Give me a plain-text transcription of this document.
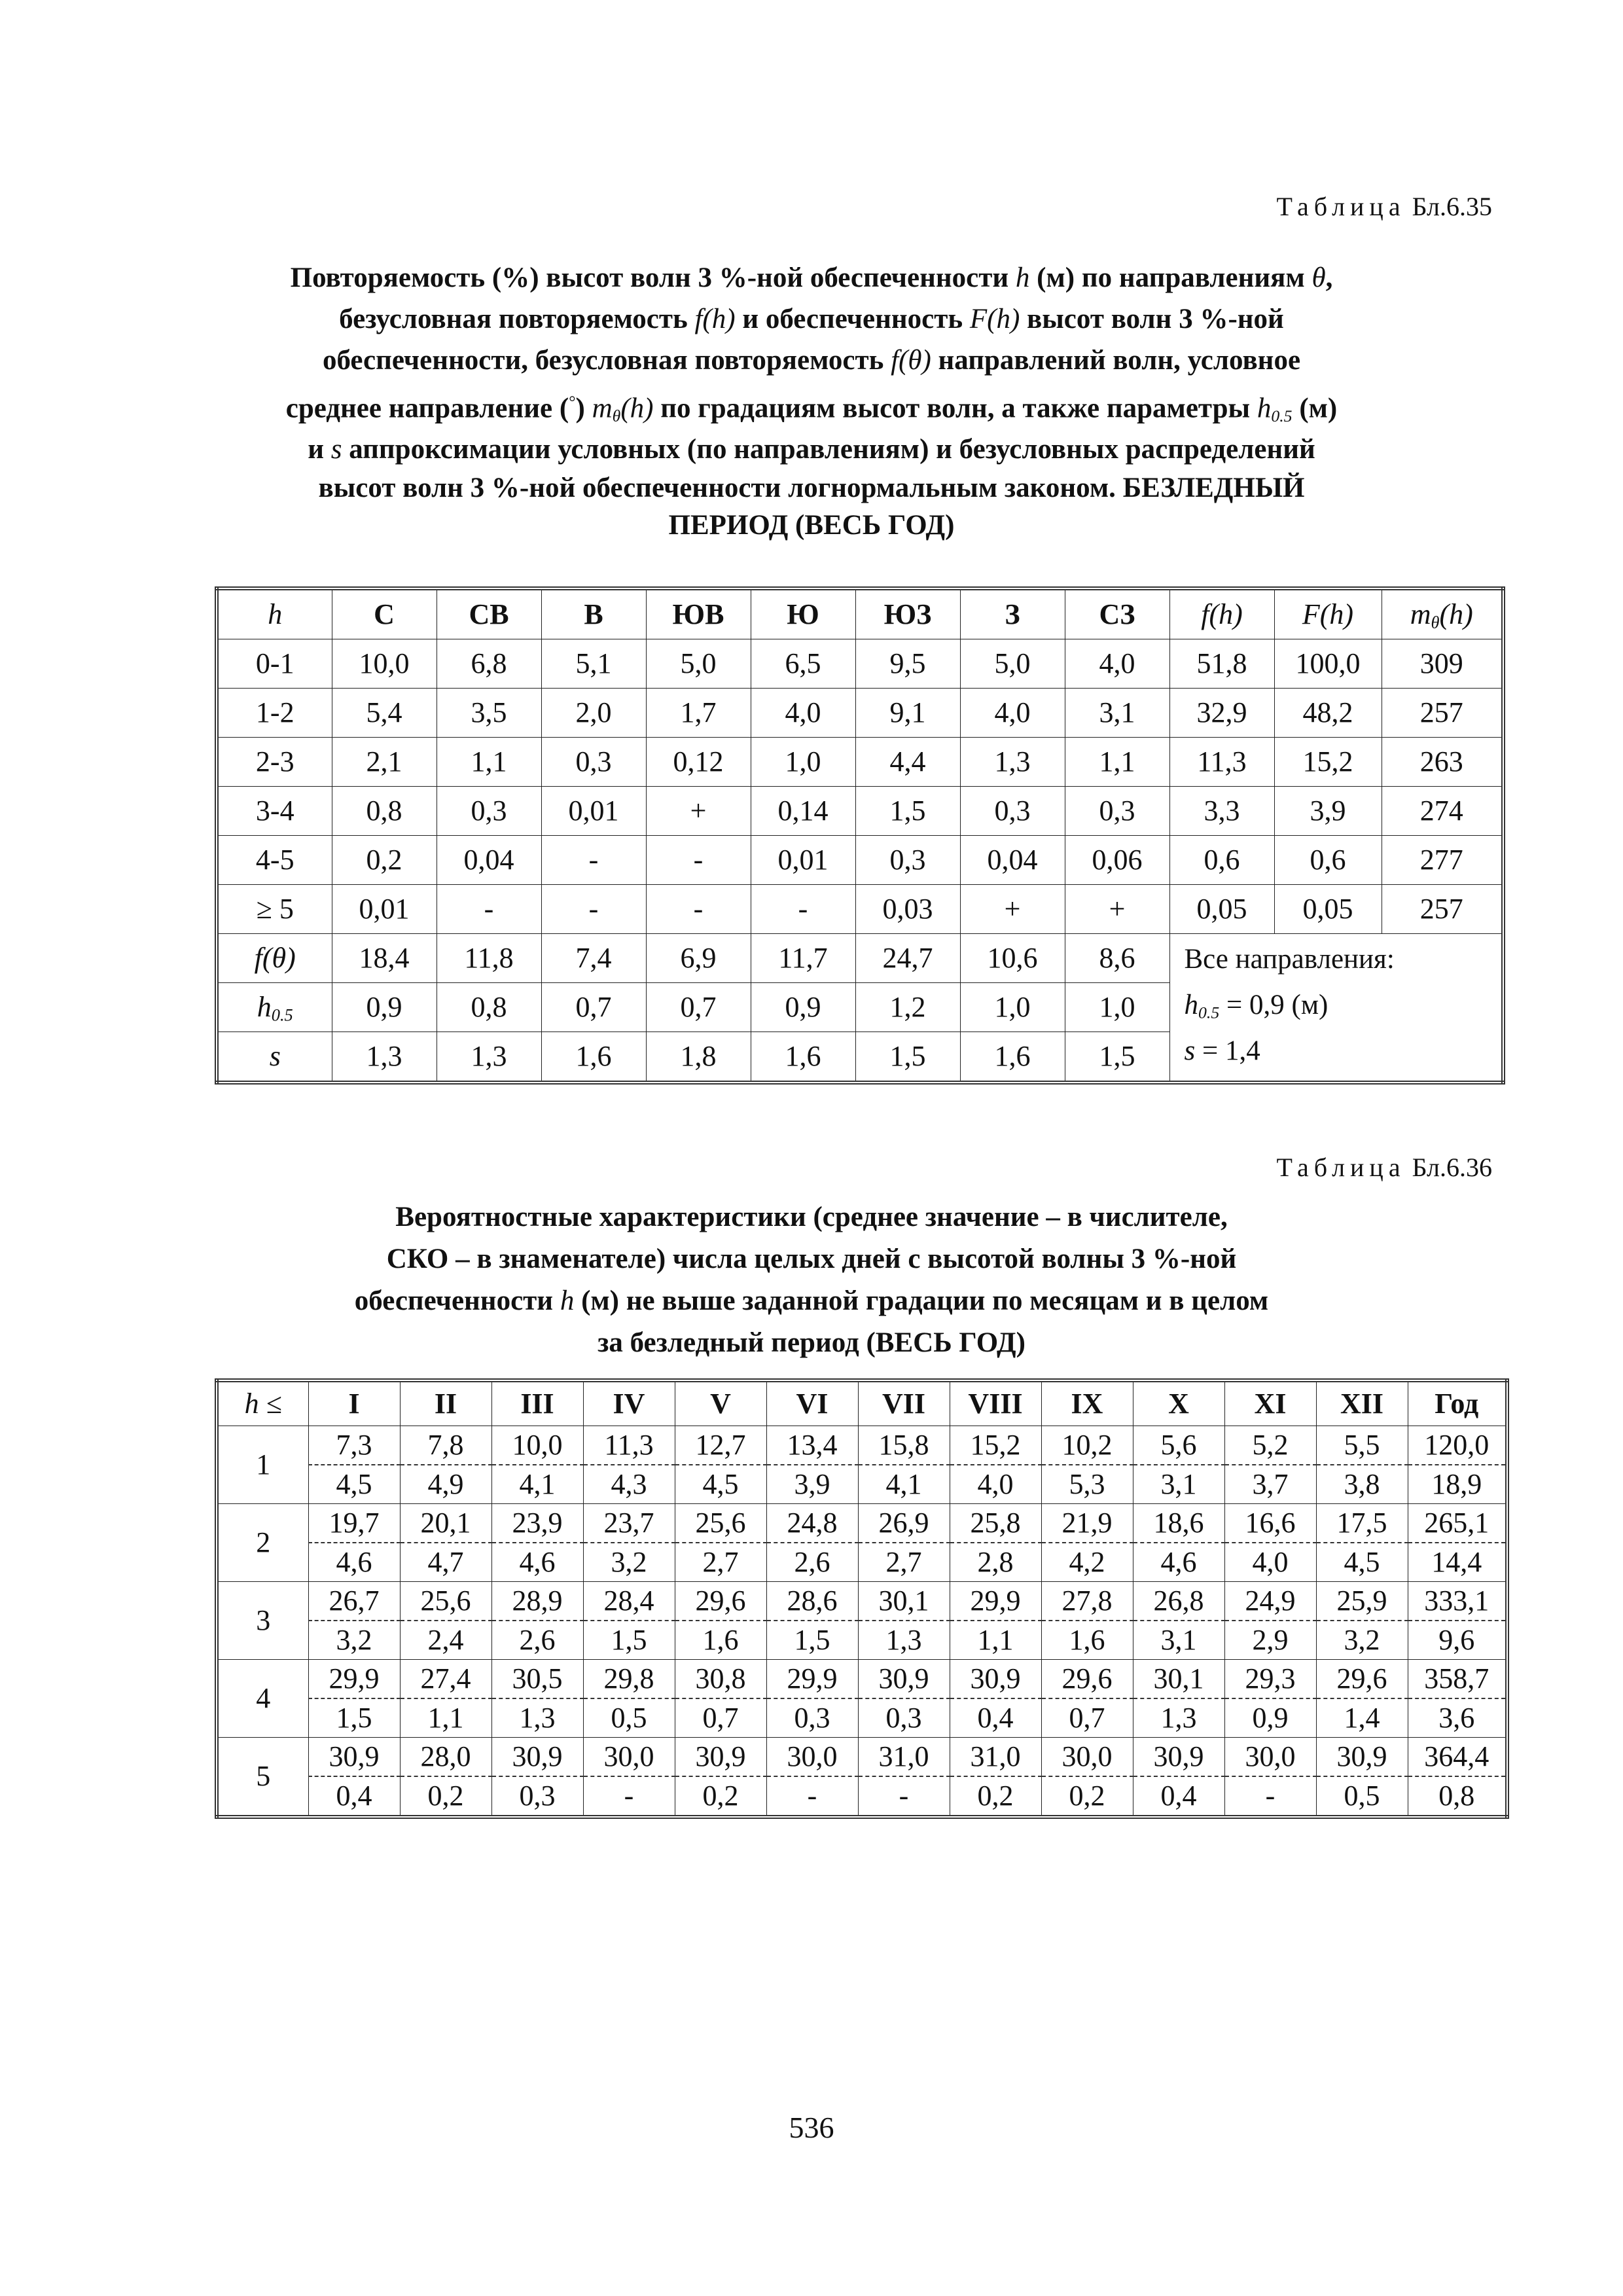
Таблица Бл.6.35
Повторяемость (%) высот волн 3 %-ной обеспеченности h (м) по направлениям θ,
безусловная повторяемость f(h) и обеспеченность F(h) высот волн 3 %-ной
обеспеченности, безусловная повторяемость f(θ) направлений волн, условное
среднее направление (°) $m_\theta(h)$ по градациям высот волн, а также параметры $h_{0.5}$ (м)
и s аппроксимации условных (по направлениям) и безусловных распределений
высот волн 3 %-ной обеспеченности логнормальным законом. БЕЗЛЕДНЫЙ
ПЕРИОД (ВЕСЬ ГОД)
h	С	СВ	В	ЮВ	Ю	ЮЗ	З	СЗ	f(h)	F(h)	$m_\theta(h)$
0-1	10,0	6,8	5,1	5,0	6,5	9,5	5,0	4,0	51,8	100,0	309
1-2	5,4	3,5	2,0	1,7	4,0	9,1	4,0	3,1	32,9	48,2	257
2-3	2,1	1,1	0,3	0,12	1,0	4,4	1,3	1,1	11,3	15,2	263
3-4	0,8	0,3	0,01	+	0,14	1,5	0,3	0,3	3,3	3,9	274
4-5	0,2	0,04	-	-	0,01	0,3	0,04	0,06	0,6	0,6	277
≥ 5	0,01	-	-	-	-	0,03	+	+	0,05	0,05	257
f(θ)	18,4	11,8	7,4	6,9	11,7	24,7	10,6	8,6	Все направления:
$h_{0.5} = 0,9$ (м)
s = 1,4		

$h_{0.5}$	0,9	0,8	0,7	0,7	0,9	1,2	1,0	1,0			
s	1,3	1,3	1,6	1,8	1,6	1,5	1,6	1,5			
Таблица Бл.6.36
Вероятностные характеристики (среднее значение – в числителе,
СКО – в знаменателе) числа целых дней с высотой волны 3 %-ной
обеспеченности h (м) не выше заданной градации по месяцам и в целом
за безледный период (ВЕСЬ ГОД)
h ≤	I	II	III	IV	V	VI	VII	VIII	IX	X	XI	XII	Год
1	7,3	7,8	10,0	11,3	12,7	13,4	15,8	15,2	10,2	5,6	5,2	5,5	120,0
	4,5	4,9	4,1	4,3	4,5	3,9	4,1	4,0	5,3	3,1	3,7	3,8	18,9
2	19,7	20,1	23,9	23,7	25,6	24,8	26,9	25,8	21,9	18,6	16,6	17,5	265,1
	4,6	4,7	4,6	3,2	2,7	2,6	2,7	2,8	4,2	4,6	4,0	4,5	14,4
3	26,7	25,6	28,9	28,4	29,6	28,6	30,1	29,9	27,8	26,8	24,9	25,9	333,1
	3,2	2,4	2,6	1,5	1,6	1,5	1,3	1,1	1,6	3,1	2,9	3,2	9,6
4	29,9	27,4	30,5	29,8	30,8	29,9	30,9	30,9	29,6	30,1	29,3	29,6	358,7
	1,5	1,1	1,3	0,5	0,7	0,3	0,3	0,4	0,7	1,3	0,9	1,4	3,6
5	30,9	28,0	30,9	30,0	30,9	30,0	31,0	31,0	30,0	30,9	30,0	30,9	364,4
	0,4	0,2	0,3	-	0,2	-	-	0,2	0,2	0,4	-	0,5	0,8
536
